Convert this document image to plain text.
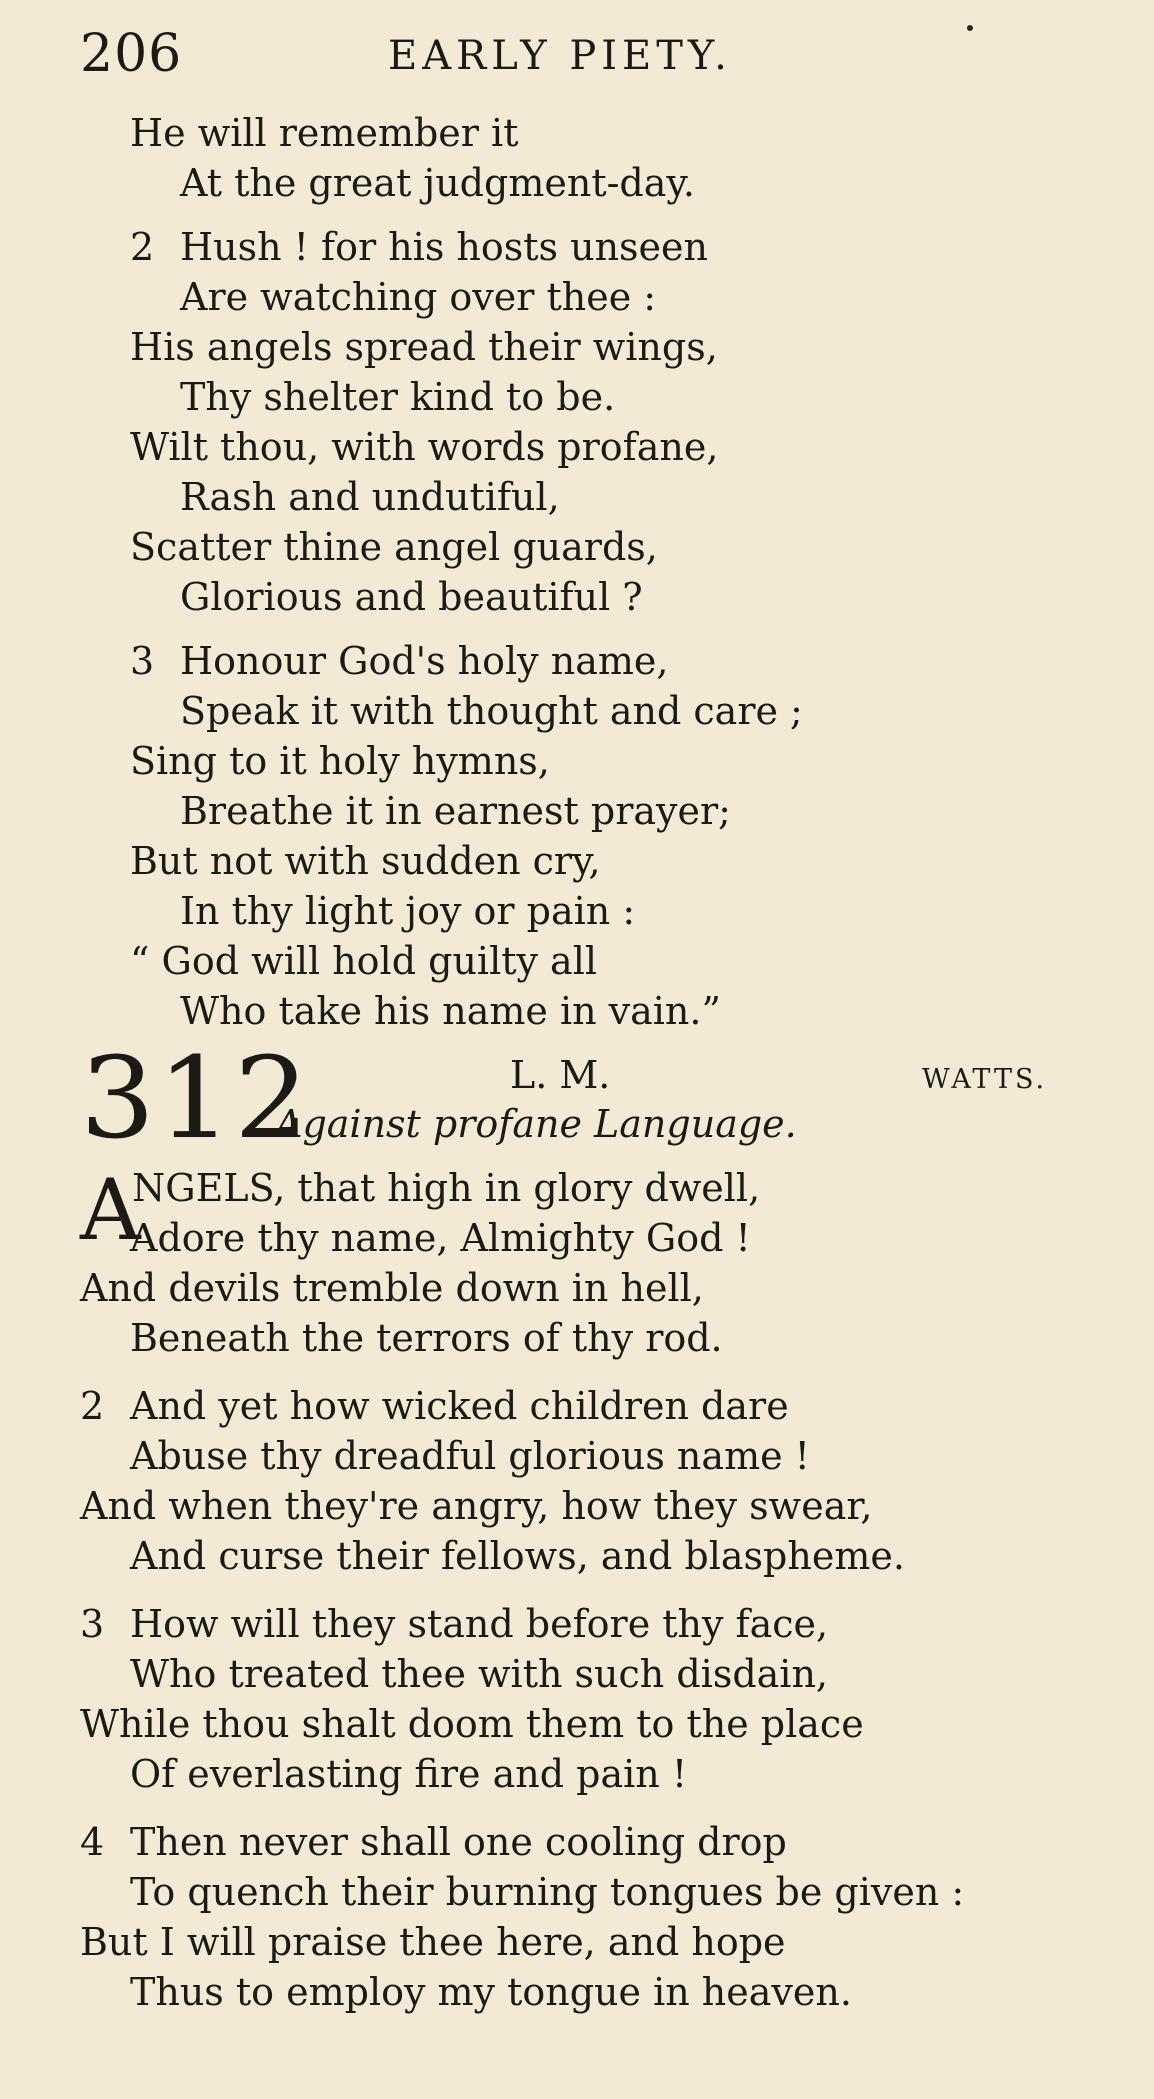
206	EARLY PIETY.
He will remember it
At the great judgment-day.
2 Hush ! for his hosts unseen
Are watching over thee :
His angels spread their wings,
Thy shelter kind to be.
Wilt thou, with words profane,
Rash and undutiful,
Scatter thine angel guards,
Glorious and beautiful ?
3 Honour God's holy name,
Speak it with thought and care ;
Sing to it holy hymns,
Breathe it in earnest prayer;
But not with sudden cry,
In thy light joy or pain :
“ God will hold guilty all
Who take his name in vain.”
312	L. M.	WATTS.
Against profane Language.
A
NGELS, that high in glory dwell,
Adore thy name, Almighty God !
And devils tremble down in hell,
Beneath the terrors of thy rod.
2 And yet how wicked children dare
Abuse thy dreadful glorious name !
And when they're angry, how they swear,
And curse their fellows, and blaspheme.
3 How will they stand before thy face,
Who treated thee with such disdain,
While thou shalt doom them to the place
Of everlasting fire and pain !
4 Then never shall one cooling drop
To quench their burning tongues be given :
But I will praise thee here, and hope
Thus to employ my tongue in heaven.
